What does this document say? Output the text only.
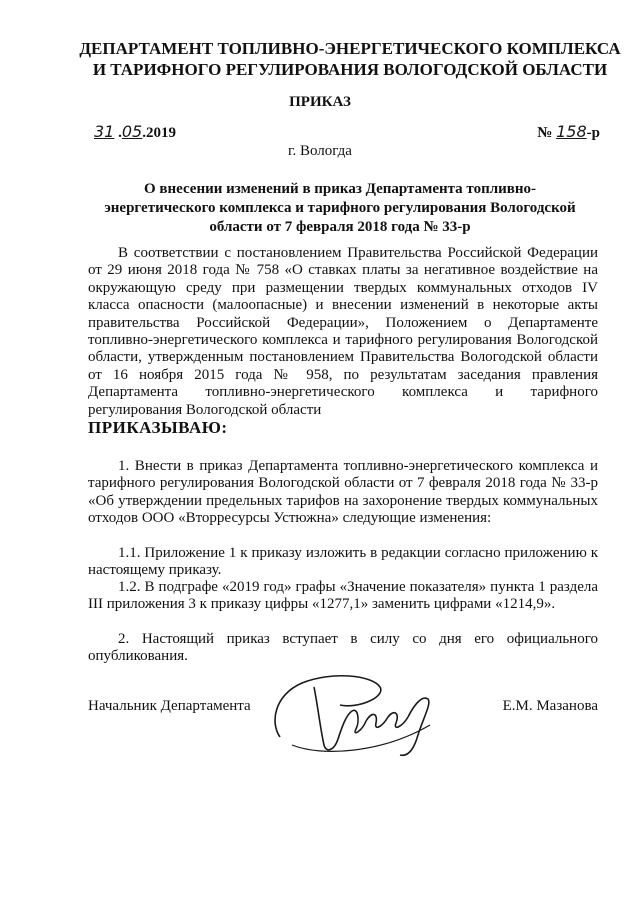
ДЕПАРТАМЕНТ ТОПЛИВНО-ЭНЕРГЕТИЧЕСКОГО КОМПЛЕКСА
И ТАРИФНОГО РЕГУЛИРОВАНИЯ ВОЛОГОДСКОЙ ОБЛАСТИ
ПРИКАЗ
31 .05.2019	№ 158-р
г. Вологда
О внесении изменений в приказ Департамента топливно-энергетического комплекса и тарифного регулирования Вологодской области от 7 февраля 2018 года № 33-р
В соответствии с постановлением Правительства Российской Федерации от 29 июня 2018 года № 758 «О ставках платы за негативное воздействие на окружающую среду при размещении твердых коммунальных отходов IV класса опасности (малоопасные) и внесении изменений в некоторые акты правительства Российской Федерации», Положением о Департаменте топливно-энергетического комплекса и тарифного регулирования Вологодской области, утвержденным постановлением Правительства Вологодской области от 16 ноября 2015 года № 958, по результатам заседания правления Департамента топливно-энергетического комплекса и тарифного регулирования Вологодской области
ПРИКАЗЫВАЮ:
1. Внести в приказ Департамента топливно-энергетического комплекса и тарифного регулирования Вологодской области от 7 февраля 2018 года № 33-р «Об утверждении предельных тарифов на захоронение твердых коммунальных отходов ООО «Вторресурсы Устюжна» следующие изменения:
1.1. Приложение 1 к приказу изложить в редакции согласно приложению к настоящему приказу.
1.2. В подграфе «2019 год» графы «Значение показателя» пункта 1 раздела III приложения 3 к приказу цифры «1277,1» заменить цифрами «1214,9».
2. Настоящий приказ вступает в силу со дня его официального опубликования.
Начальник Департамента	Е.М. Мазанова
